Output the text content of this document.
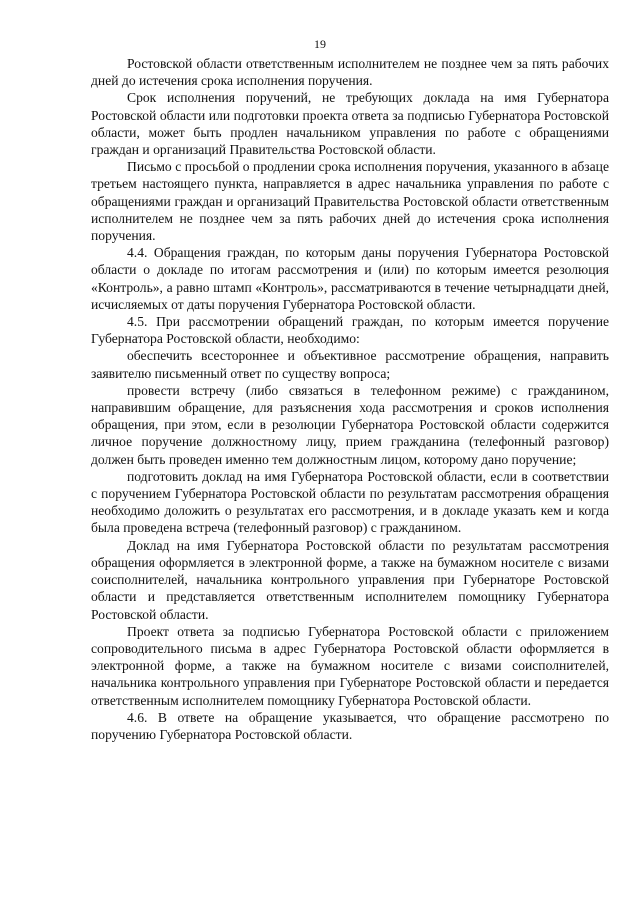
19

Ростовской области ответственным исполнителем не позднее чем за пять рабочих дней до истечения срока исполнения поручения.

Срок исполнения поручений, не требующих доклада на имя Губернатора Ростовской области или подготовки проекта ответа за подписью Губернатора Ростовской области, может быть продлен начальником управления по работе с обращениями граждан и организаций Правительства Ростовской области.

Письмо с просьбой о продлении срока исполнения поручения, указанного в абзаце третьем настоящего пункта, направляется в адрес начальника управления по работе с обращениями граждан и организаций Правительства Ростовской области ответственным исполнителем не позднее чем за пять рабочих дней до истечения срока исполнения поручения.

4.4. Обращения граждан, по которым даны поручения Губернатора Ростовской области о докладе по итогам рассмотрения и (или) по которым имеется резолюция «Контроль», а равно штамп «Контроль», рассматриваются в течение четырнадцати дней, исчисляемых от даты поручения Губернатора Ростовской области.

4.5. При рассмотрении обращений граждан, по которым имеется поручение Губернатора Ростовской области, необходимо:

обеспечить всестороннее и объективное рассмотрение обращения, направить заявителю письменный ответ по существу вопроса;

провести встречу (либо связаться в телефонном режиме) с гражданином, направившим обращение, для разъяснения хода рассмотрения и сроков исполнения обращения, при этом, если в резолюции Губернатора Ростовской области содержится личное поручение должностному лицу, прием гражданина (телефонный разговор) должен быть проведен именно тем должностным лицом, которому дано поручение;

подготовить доклад на имя Губернатора Ростовской области, если в соответствии с поручением Губернатора Ростовской области по результатам рассмотрения обращения необходимо доложить о результатах его рассмотрения, и в докладе указать кем и когда была проведена встреча (телефонный разговор) с гражданином.

Доклад на имя Губернатора Ростовской области по результатам рассмотрения обращения оформляется в электронной форме, а также на бумажном носителе с визами соисполнителей, начальника контрольного управления при Губернаторе Ростовской области и представляется ответственным исполнителем помощнику Губернатора Ростовской области.

Проект ответа за подписью Губернатора Ростовской области с приложением сопроводительного письма в адрес Губернатора Ростовской области оформляется в электронной форме, а также на бумажном носителе с визами соисполнителей, начальника контрольного управления при Губернаторе Ростовской области и передается ответственным исполнителем помощнику Губернатора Ростовской области.

4.6. В ответе на обращение указывается, что обращение рассмотрено по поручению Губернатора Ростовской области.
